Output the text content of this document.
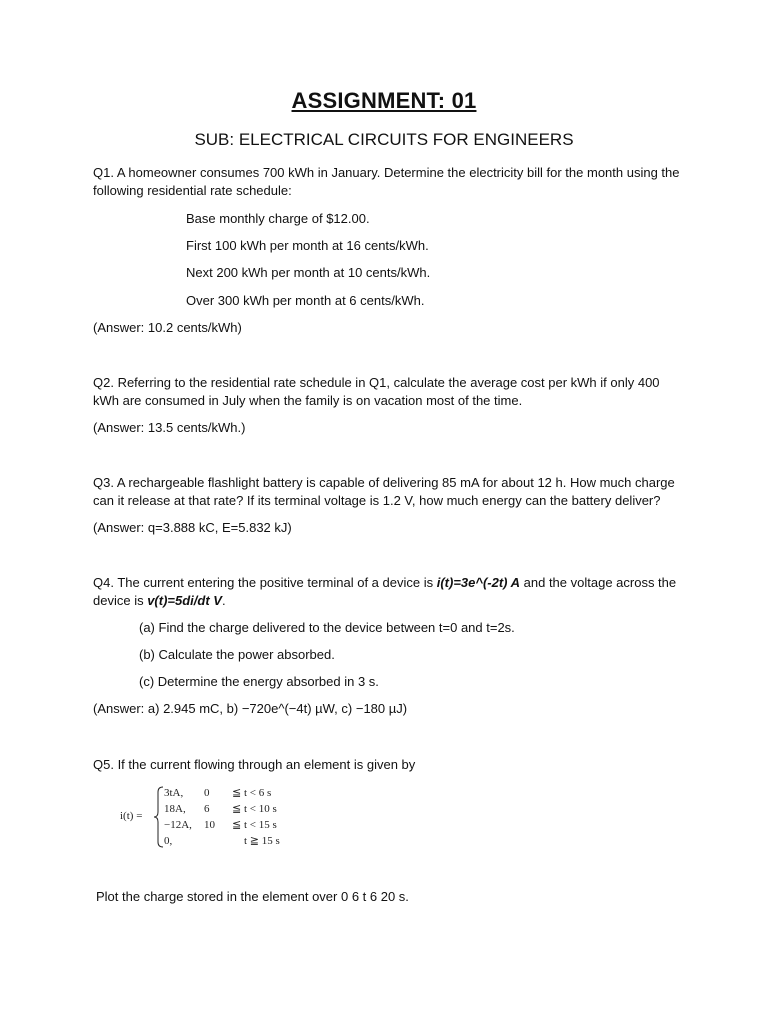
ASSIGNMENT: 01
SUB: ELECTRICAL CIRCUITS FOR ENGINEERS
Q1. A homeowner consumes 700 kWh in January. Determine the electricity bill for the month using the following residential rate schedule:
Base monthly charge of $12.00.
First 100 kWh per month at 16 cents/kWh.
Next 200 kWh per month at 10 cents/kWh.
Over 300 kWh per month at 6 cents/kWh.
(Answer: 10.2 cents/kWh)
Q2. Referring to the residential rate schedule in Q1, calculate the average cost per kWh if only 400 kWh are consumed in July when the family is on vacation most of the time.
(Answer: 13.5 cents/kWh.)
Q3. A rechargeable flashlight battery is capable of delivering 85 mA for about 12 h. How much charge can it release at that rate? If its terminal voltage is 1.2 V, how much energy can the battery deliver?
(Answer: q=3.888 kC, E=5.832 kJ)
Q4. The current entering the positive terminal of a device is i(t)=3e^(-2t) A and the voltage across the device is v(t)=5di/dt V.
(a) Find the charge delivered to the device between t=0 and t=2s.
(b) Calculate the power absorbed.
(c) Determine the energy absorbed in 3 s.
(Answer: a) 2.945 mC, b) −720e^(−4t) µW, c) −180 µJ)
Q5. If the current flowing through an element is given by
i(t) =
3tA, 0 ≦ t < 6 s
18A, 6 ≦ t < 10 s
−12A, 10 ≦ t < 15 s
0,	t ≧ 15 s
Plot the charge stored in the element over 0 6 t 6 20 s.
